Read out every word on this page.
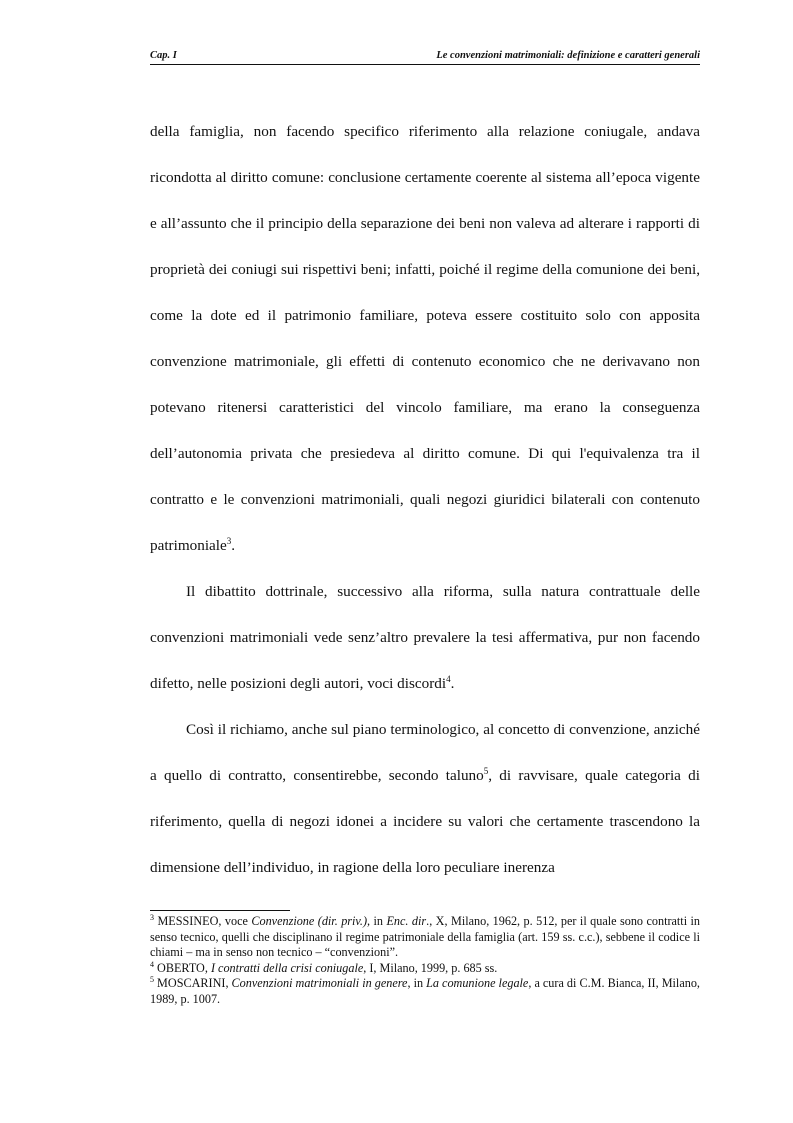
Cap. I	Le convenzioni matrimoniali: definizione e caratteri generali

della famiglia, non facendo specifico riferimento alla relazione coniugale, andava ricondotta al diritto comune: conclusione certamente coerente al sistema all’epoca vigente e all’assunto che il principio della separazione dei beni non valeva ad alterare i rapporti di proprietà dei coniugi sui rispettivi beni; infatti, poiché il regime della comunione dei beni, come la dote ed il patrimonio familiare, poteva essere costituito solo con apposita convenzione matrimoniale, gli effetti di contenuto economico che ne derivavano non potevano ritenersi caratteristici del vincolo familiare, ma erano la conseguenza dell’autonomia privata che presiedeva al diritto comune. Di qui l'equivalenza tra il contratto e le convenzioni matrimoniali, quali negozi giuridici bilaterali con contenuto patrimoniale$^3$.

Il dibattito dottrinale, successivo alla riforma, sulla natura contrattuale delle convenzioni matrimoniali vede senz’altro prevalere la tesi affermativa, pur non facendo difetto, nelle posizioni degli autori, voci discordi$^4$.

Così il richiamo, anche sul piano terminologico, al concetto di convenzione, anziché a quello di contratto, consentirebbe, secondo taluno$^5$, di ravvisare, quale categoria di riferimento, quella di negozi idonei a incidere su valori che certamente trascendono la dimensione dell’individuo, in ragione della loro peculiare inerenza

$^3$ MESSINEO, voce Convenzione (dir. priv.), in Enc. dir., X, Milano, 1962, p. 512, per il quale sono contratti in senso tecnico, quelli che disciplinano il regime patrimoniale della famiglia (art. 159 ss. c.c.), sebbene il codice li chiami – ma in senso non tecnico – “convenzioni”.

$^4$ OBERTO, I contratti della crisi coniugale, I, Milano, 1999, p. 685 ss.

$^5$ MOSCARINI, Convenzioni matrimoniali in genere, in La comunione legale, a cura di C.M. Bianca, II, Milano, 1989, p. 1007.
